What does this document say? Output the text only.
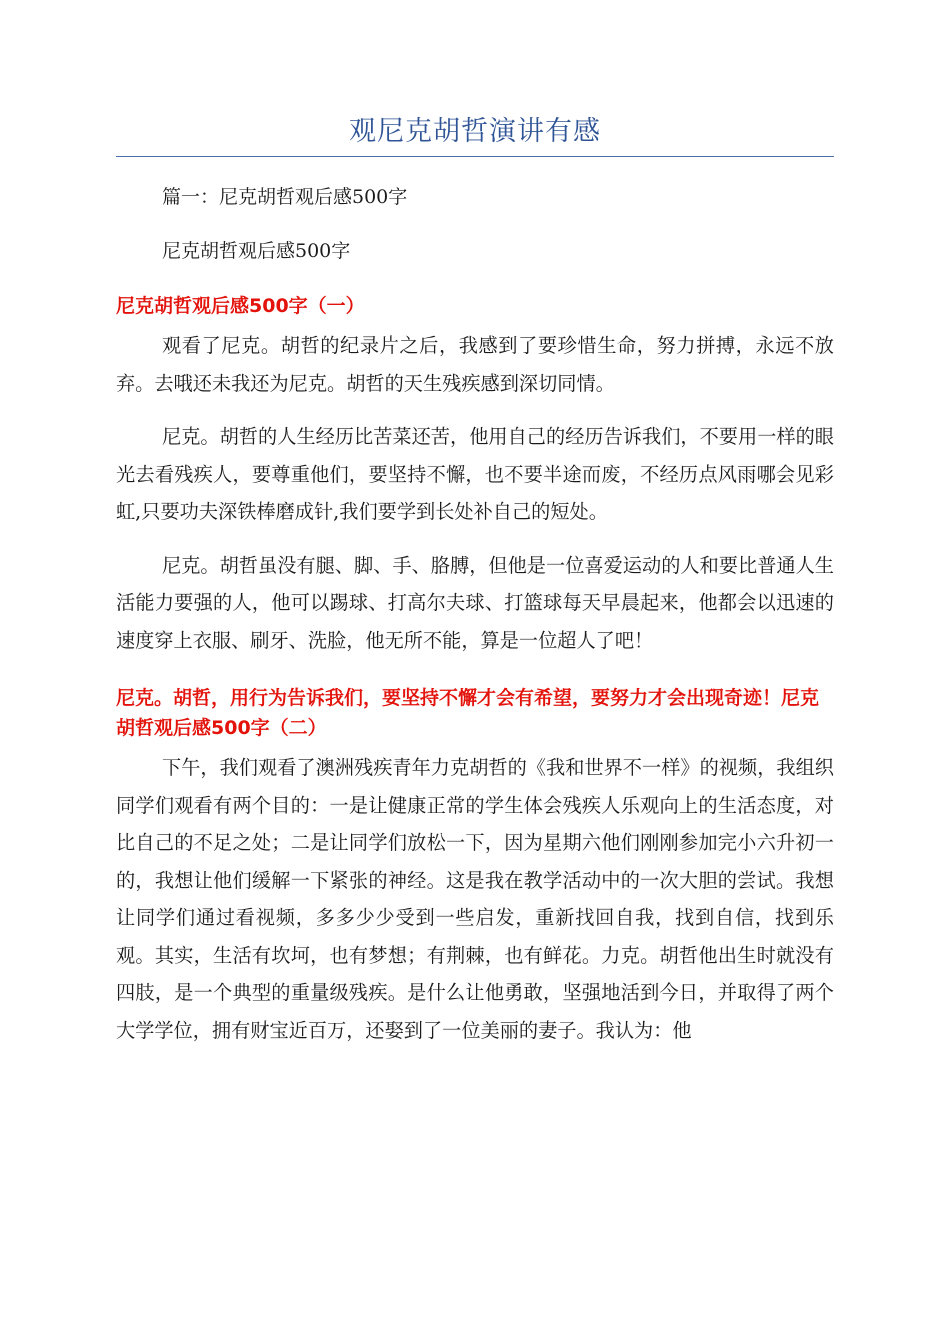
观尼克胡哲演讲有感

篇一：尼克胡哲观后感500字

尼克胡哲观后感500字

尼克胡哲观后感500字（一）

观看了尼克。胡哲的纪录片之后，我感到了要珍惜生命，努力拼搏，永远不放弃。去哦还未我还为尼克。胡哲的天生残疾感到深切同情。

尼克。胡哲的人生经历比苦菜还苦，他用自己的经历告诉我们，不要用一样的眼光去看残疾人，要尊重他们，要坚持不懈，也不要半途而废，不经历点风雨哪会见彩虹,只要功夫深铁棒磨成针,我们要学到长处补自己的短处。

尼克。胡哲虽没有腿、脚、手、胳膊，但他是一位喜爱运动的人和要比普通人生活能力要强的人，他可以踢球、打高尔夫球、打篮球每天早晨起来，他都会以迅速的速度穿上衣服、刷牙、洗脸，他无所不能，算是一位超人了吧！

尼克。胡哲，用行为告诉我们，要坚持不懈才会有希望，要努力才会出现奇迹！尼克胡哲观后感500字（二）

下午，我们观看了澳洲残疾青年力克胡哲的《我和世界不一样》的视频，我组织同学们观看有两个目的：一是让健康正常的学生体会残疾人乐观向上的生活态度，对比自己的不足之处；二是让同学们放松一下，因为星期六他们刚刚参加完小六升初一的，我想让他们缓解一下紧张的神经。这是我在教学活动中的一次大胆的尝试。我想让同学们通过看视频，多多少少受到一些启发，重新找回自我，找到自信，找到乐观。其实，生活有坎坷，也有梦想；有荆棘，也有鲜花。力克。胡哲他出生时就没有四肢，是一个典型的重量级残疾。是什么让他勇敢，坚强地活到今日，并取得了两个大学学位，拥有财宝近百万，还娶到了一位美丽的妻子。我认为：他
